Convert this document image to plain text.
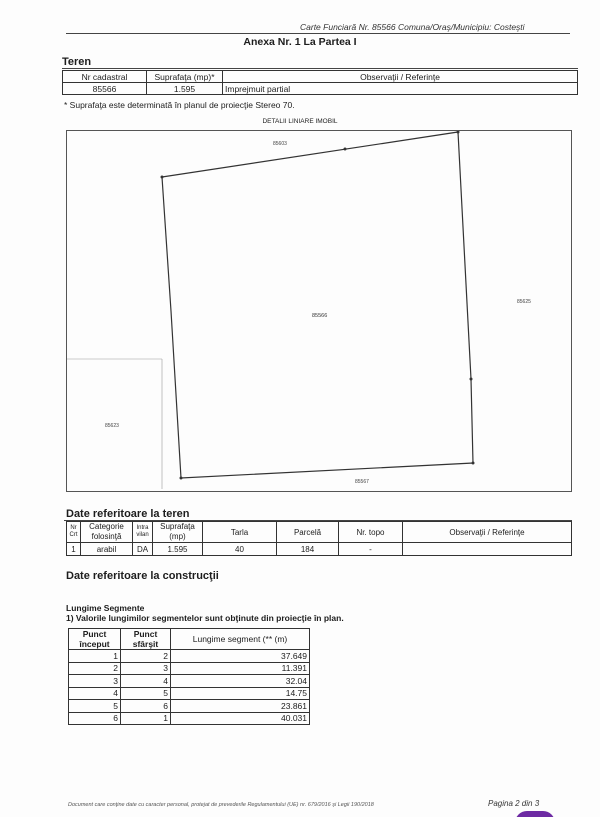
Carte Funciară Nr. 85566 Comuna/Oraş/Municipiu: Costeşti
Anexa Nr. 1 La Partea I
Teren
Nr cadastral	Suprafaţa (mp)*	Observaţii / Referinţe
85566	1.595	Imprejmuit partial
* Suprafaţa este determinată în planul de proiecţie Stereo 70.
DETALII LINIARE IMOBIL
85603
85566
85625
85623
85567
Date referitoare la teren
Nr Crt	Categorie folosinţă	Intra vilan	Suprafaţa (mp)	Tarla	Parcelă	Nr. topo	Observaţii / Referinţe
1	arabil	DA	1.595	40	184	-	
Date referitoare la construcţii
Lungime Segmente
1) Valorile lungimilor segmentelor sunt obţinute din proiecţie în plan.
Punct început	Punct sfârşit	Lungime segment (** (m)
1	2	37.649
2	3	11.391
3	4	32.04
4	5	14.75
5	6	23.861
6	1	40.031
Document care conţine date cu caracter personal, protejat de prevederile Regulamentului (UE) nr. 679/2016 şi Legii 190/2018	Pagina 2 din 3
